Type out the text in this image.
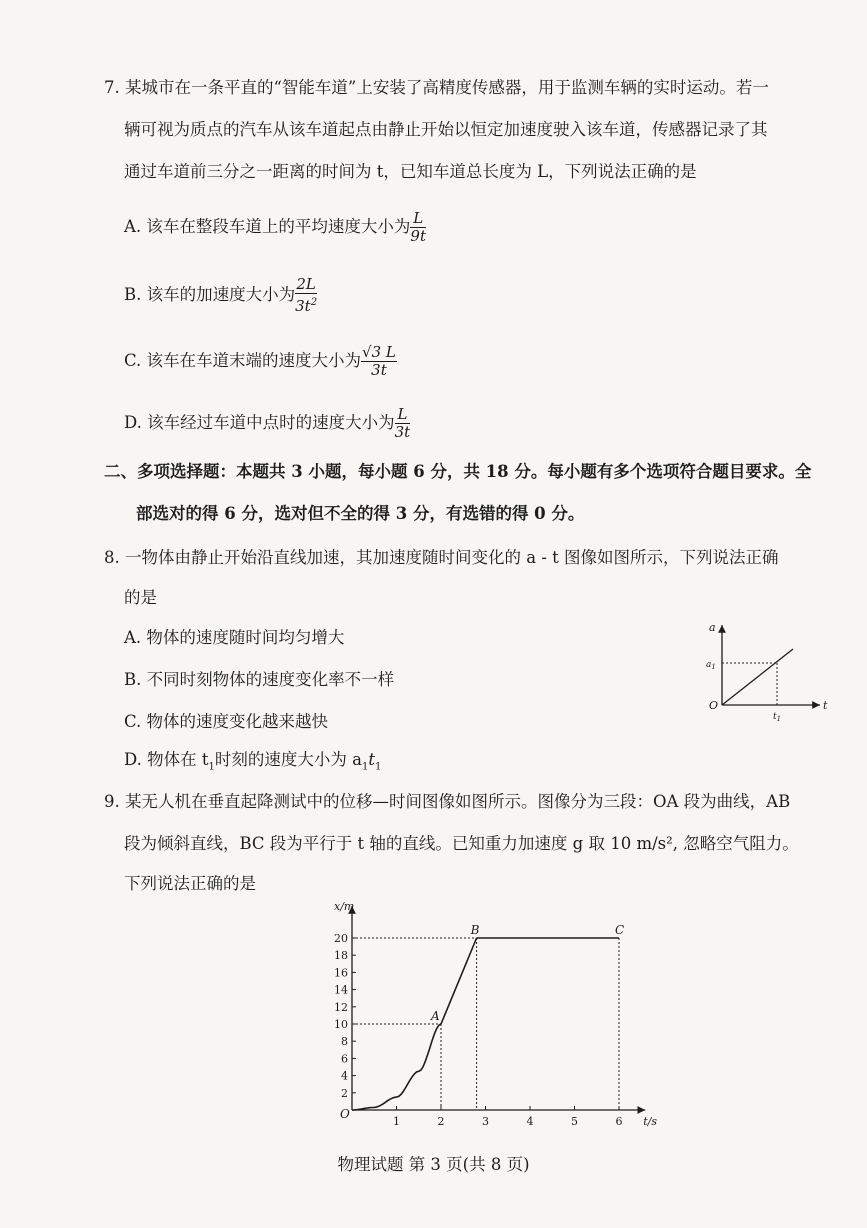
7. 某城市在一条平直的“智能车道”上安装了高精度传感器，用于监测车辆的实时运动。若一
辆可视为质点的汽车从该车道起点由静止开始以恒定加速度驶入该车道，传感器记录了其
通过车道前三分之一距离的时间为 t，已知车道总长度为 L，下列说法正确的是
A. 该车在整段车道上的平均速度大小为 $\frac{L}{9t}$
B. 该车的加速度大小为 $\frac{2L}{3t^2}$
C. 该车在车道末端的速度大小为 $\frac{√3 L}{3t}$
D. 该车经过车道中点时的速度大小为 $\frac{L}{3t}$
二、多项选择题：本题共 3 小题，每小题 6 分，共 18 分。每小题有多个选项符合题目要求。全
部选对的得 6 分，选对但不全的得 3 分，有选错的得 0 分。
8. 一物体由静止开始沿直线加速，其加速度随时间变化的 a - t 图像如图所示，下列说法正确
的是
A. 物体的速度随时间均匀增大
B. 不同时刻物体的速度变化率不一样
C. 物体的速度变化越来越快
D. 物体在 $t_1$时刻的速度大小为 $a_1t_1$
a
t
O
$a_1$
$t_1$
9. 某无人机在垂直起降测试中的位移—时间图像如图所示。图像分为三段：OA 段为曲线，AB
段为倾斜直线，BC 段为平行于 t 轴的直线。已知重力加速度 g 取 10 m/s², 忽略空气阻力。
下列说法正确的是
2
4
6
8
10
12
14
16
18
20
1	2	3	4	5	6
x/m
t/s
O
A
B	C
物理试题 第 3 页(共 8 页)
